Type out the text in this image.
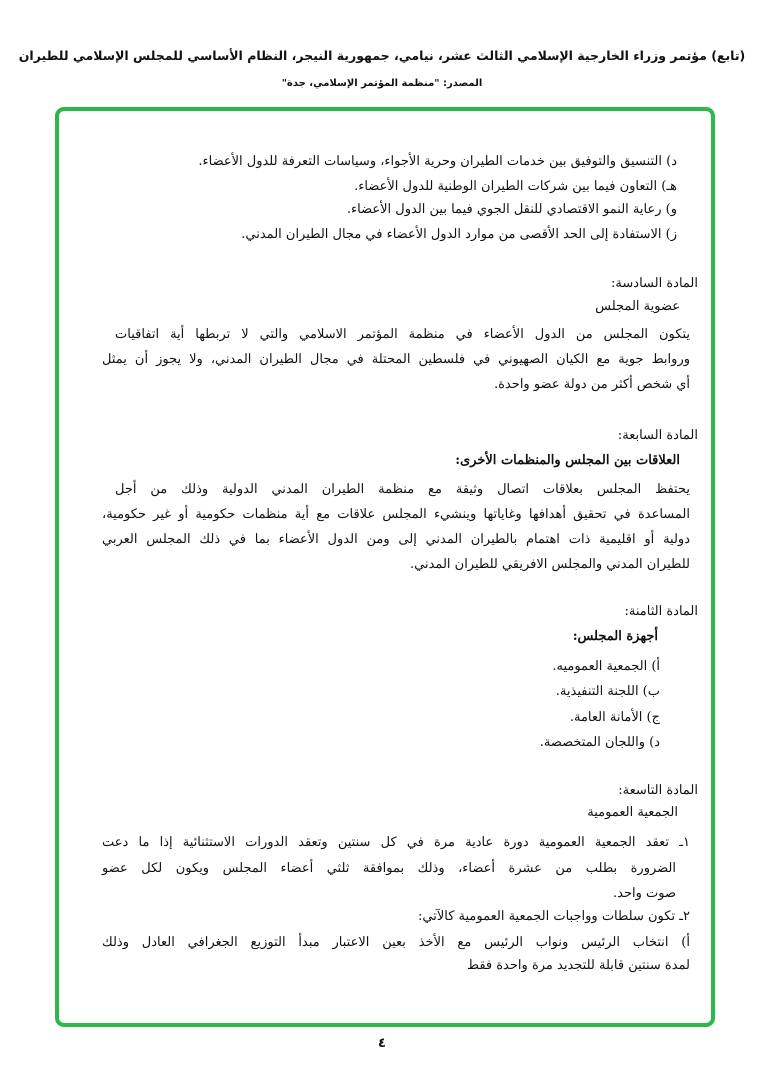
(تابع) مؤتمر وزراء الخارجية الإسلامي الثالث عشر، نيامي، جمهورية النيجر، النظام الأساسي للمجلس الإسلامي للطيران
المصدر: "منظمة المؤتمر الإسلامي، جدة"
د) التنسيق والتوفيق بين خدمات الطيران وحرية الأجواء، وسياسات التعرفة للدول الأعضاء.
هـ) التعاون فيما بين شركات الطيران الوطنية للدول الأعضاء.
و) رعاية النمو الاقتصادي للنقل الجوي فيما بين الدول الأعضاء.
ز) الاستفادة إلى الحد الأقصى من موارد الدول الأعضاء في مجال الطيران المدني.
المادة السادسة:
عضوية المجلس
يتكون المجلس من الدول الأعضاء في منظمة المؤتمر الاسلامي والتي لا تربطها أية اتفاقيات
وروابط جوية مع الكيان الصهيوني في فلسطين المحتلة في مجال الطيران المدني، ولا يجوز أن يمثل
أي شخص أكثر من دولة عضو واحدة.
المادة السابعة:
العلاقات بين المجلس والمنظمات الأخرى:
يحتفظ المجلس بعلاقات اتصال وثيقة مع منظمة الطيران المدني الدولية وذلك من أجل
المساعدة في تحقيق أهدافها وغاياتها وينشيء المجلس علاقات مع أية منظمات حكومية أو غير حكومية،
دولية أو اقليمية ذات اهتمام بالطيران المدني إلى ومن الدول الأعضاء بما في ذلك المجلس العربي
للطيران المدني والمجلس الافريقي للطيران المدني.
المادة الثامنة:
أجهزة المجلس:
أ) الجمعية العموميه.
ب) اللجنة التنفيذية.
ج) الأمانة العامة.
د) واللجان المتخصصة.
المادة التاسعة:
الجمعية العمومية
١ـ تعقد الجمعية العمومية دورة عادية مرة في كل سنتين وتعقد الدورات الاستثنائية إذا ما دعت
الضرورة بطلب من عشرة أعضاء، وذلك بموافقة ثلثي أعضاء المجلس ويكون لكل عضو
صوت واحد.
٢ـ تكون سلطات وواجبات الجمعية العمومية كالآتي:
أ) انتخاب الرئيس ونواب الرئيس مع الأخذ بعين الاعتبار مبدأ التوزيع الجغرافي العادل وذلك
لمدة سنتين قابلة للتجديد مرة واحدة فقط
٤
